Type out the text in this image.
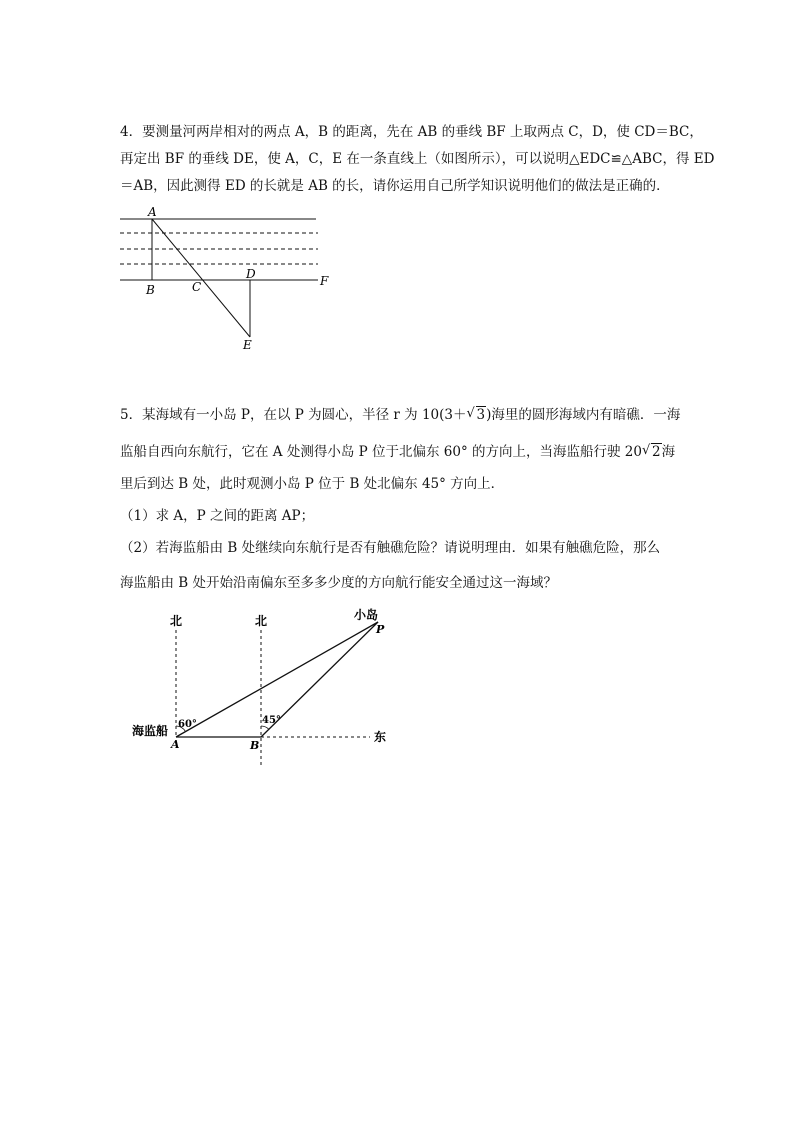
4．要测量河两岸相对的两点 A，B 的距离，先在 AB 的垂线 BF 上取两点 C，D，使 CD＝BC，
再定出 BF 的垂线 DE，使 A，C，E 在一条直线上（如图所示），可以说明△EDC≌△ABC，得 ED
＝AB，因此测得 ED 的长就是 AB 的长，请你运用自己所学知识说明他们的做法是正确的．
A
B	C
D
E
F
北	北	小岛
P
海监船
A	B
东
60°	45°
5．某海域有一小岛 P，在以 P 为圆心，半径 r 为 10(3＋ √ 3)海里的圆形海域内有暗礁．一海
监船自西向东航行，它在 A 处测得小岛 P 位于北偏东 60° 的方向上，当海监船行驶 20 √ 2海
里后到达 B 处，此时观测小岛 P 位于 B 处北偏东 45° 方向上．
（1）求 A，P 之间的距离 AP；
（2）若海监船由 B 处继续向东航行是否有触礁危险？请说明理由．如果有触礁危险，那么
海监船由 B 处开始沿南偏东至多多少度的方向航行能安全通过这一海域？
